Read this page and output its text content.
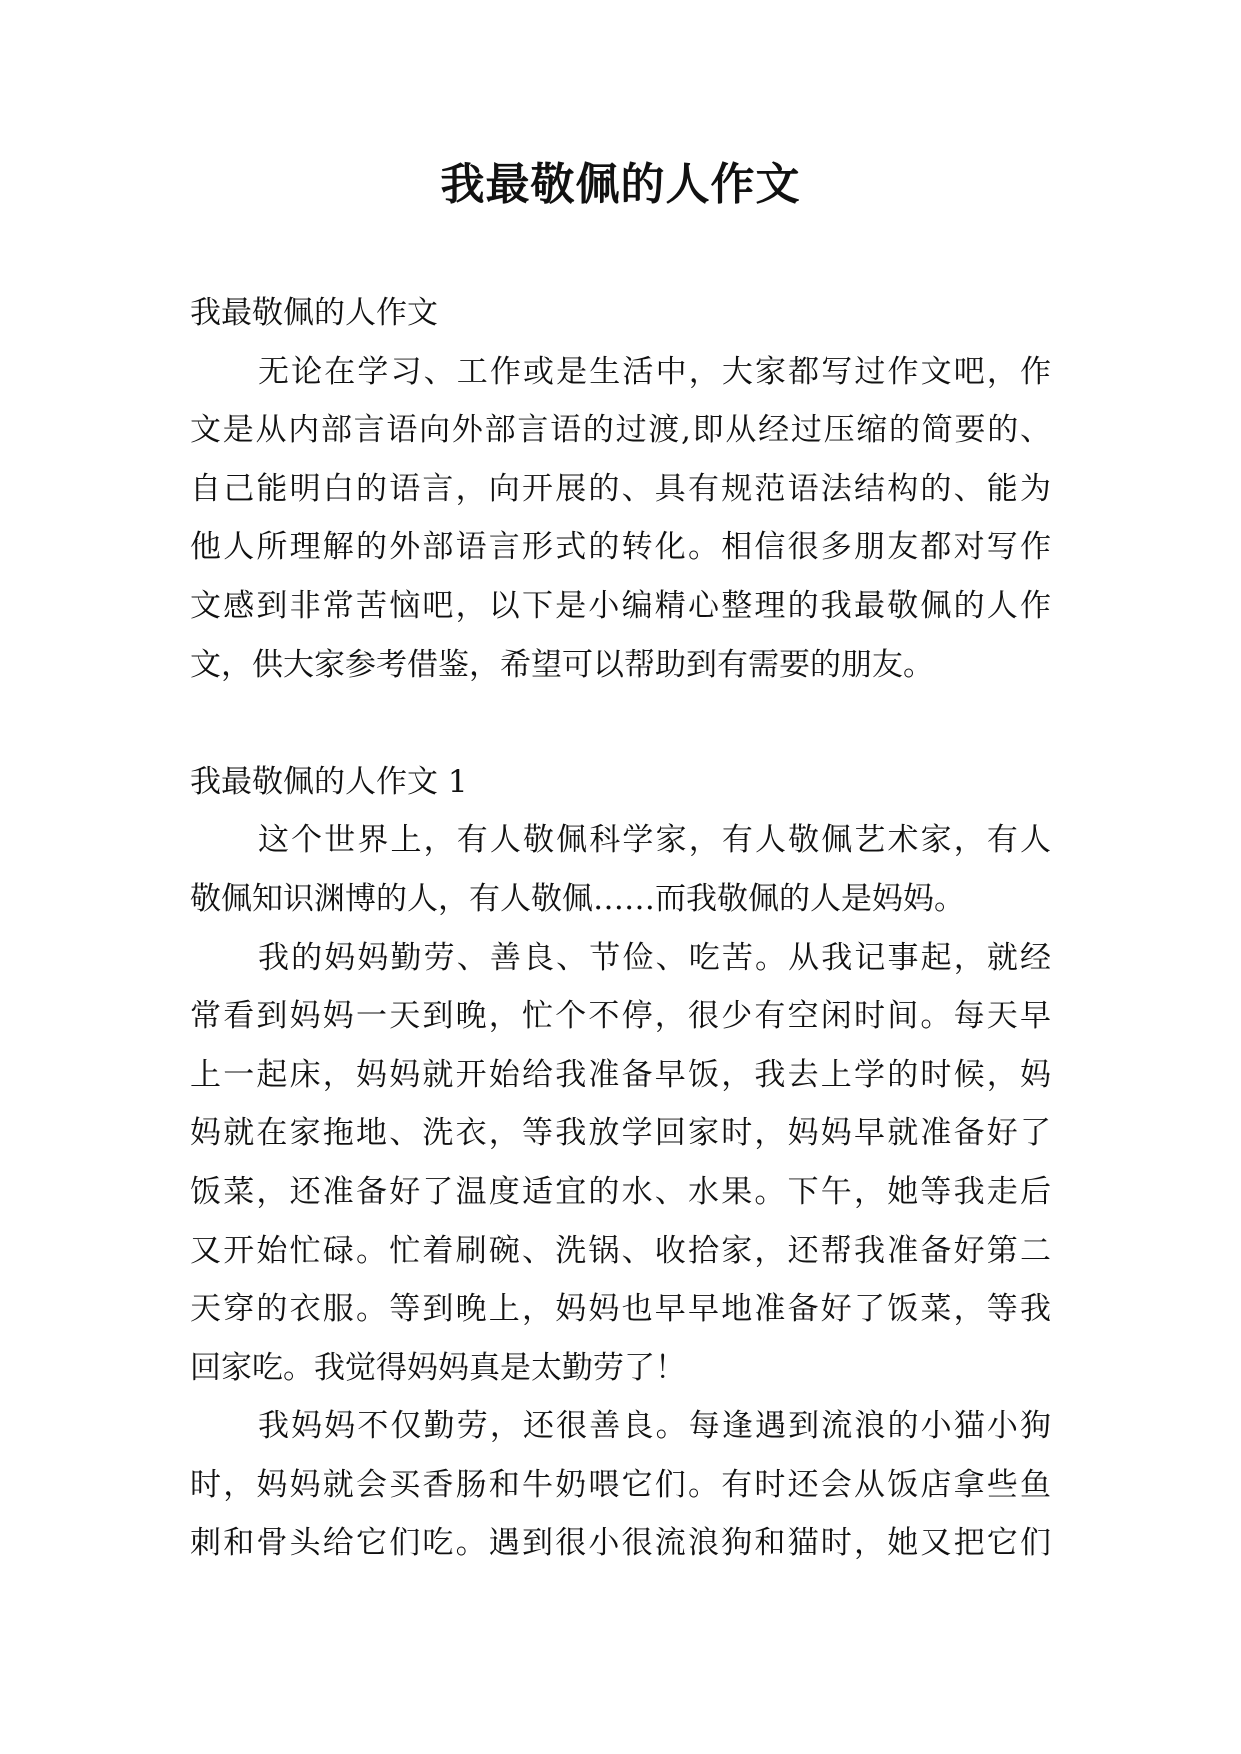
我最敬佩的人作文
我最敬佩的人作文
无论在学习、工作或是生活中，大家都写过作文吧，作
文是从内部言语向外部言语的过渡,即从经过压缩的简要的、
自己能明白的语言，向开展的、具有规范语法结构的、能为
他人所理解的外部语言形式的转化。相信很多朋友都对写作
文感到非常苦恼吧，以下是小编精心整理的我最敬佩的人作
文，供大家参考借鉴，希望可以帮助到有需要的朋友。
我最敬佩的人作文 1
这个世界上，有人敬佩科学家，有人敬佩艺术家，有人
敬佩知识渊博的人，有人敬佩……而我敬佩的人是妈妈。
我的妈妈勤劳、善良、节俭、吃苦。从我记事起，就经
常看到妈妈一天到晚，忙个不停，很少有空闲时间。每天早
上一起床，妈妈就开始给我准备早饭，我去上学的时候，妈
妈就在家拖地、洗衣，等我放学回家时，妈妈早就准备好了
饭菜，还准备好了温度适宜的水、水果。下午，她等我走后
又开始忙碌。忙着刷碗、洗锅、收拾家，还帮我准备好第二
天穿的衣服。等到晚上，妈妈也早早地准备好了饭菜，等我
回家吃。我觉得妈妈真是太勤劳了！
我妈妈不仅勤劳，还很善良。每逢遇到流浪的小猫小狗
时，妈妈就会买香肠和牛奶喂它们。有时还会从饭店拿些鱼
刺和骨头给它们吃。遇到很小很流浪狗和猫时，她又把它们
